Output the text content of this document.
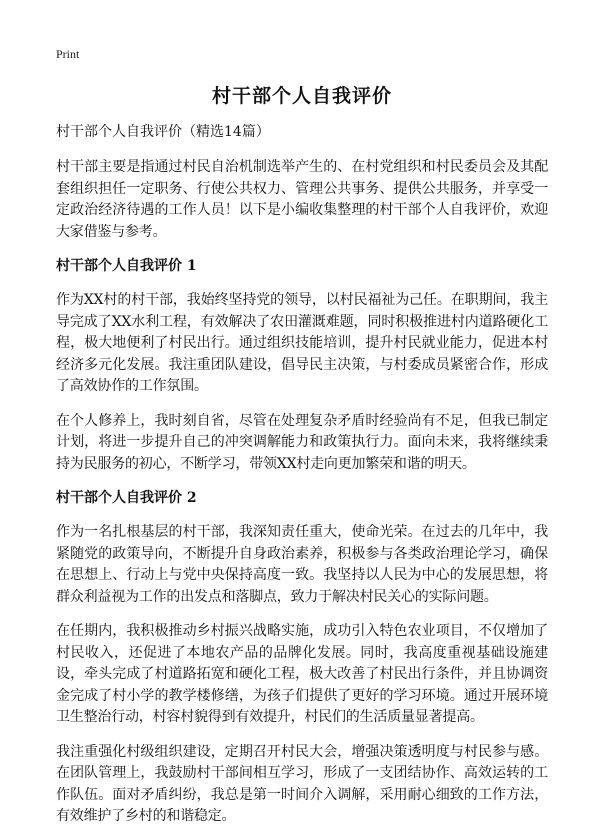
Print
村干部个人自我评价
村干部个人自我评价（精选14篇）

村干部主要是指通过村民自治机制选举产生的、在村党组织和村民委员会及其配套组织担任一定职务、行使公共权力、管理公共事务、提供公共服务，并享受一定政治经济待遇的工作人员！以下是小编收集整理的村干部个人自我评价，欢迎大家借鉴与参考。

村干部个人自我评价 1

作为XX村的村干部，我始终坚持党的领导，以村民福祉为己任。在职期间，我主导完成了XX水利工程，有效解决了农田灌溉难题，同时积极推进村内道路硬化工程，极大地便利了村民出行。通过组织技能培训，提升村民就业能力，促进本村经济多元化发展。我注重团队建设，倡导民主决策，与村委成员紧密合作，形成了高效协作的工作氛围。

在个人修养上，我时刻自省，尽管在处理复杂矛盾时经验尚有不足，但我已制定计划，将进一步提升自己的冲突调解能力和政策执行力。面向未来，我将继续秉持为民服务的初心，不断学习，带领XX村走向更加繁荣和谐的明天。

村干部个人自我评价 2

作为一名扎根基层的村干部，我深知责任重大，使命光荣。在过去的几年中，我紧随党的政策导向，不断提升自身政治素养，积极参与各类政治理论学习，确保在思想上、行动上与党中央保持高度一致。我坚持以人民为中心的发展思想，将群众利益视为工作的出发点和落脚点，致力于解决村民关心的实际问题。

在任期内，我积极推动乡村振兴战略实施，成功引入特色农业项目，不仅增加了村民收入，还促进了本地农产品的品牌化发展。同时，我高度重视基础设施建设，牵头完成了村道路拓宽和硬化工程，极大改善了村民出行条件，并且协调资金完成了村小学的教学楼修缮，为孩子们提供了更好的学习环境。通过开展环境卫生整治行动，村容村貌得到有效提升，村民们的生活质量显著提高。

我注重强化村级组织建设，定期召开村民大会，增强决策透明度与村民参与感。在团队管理上，我鼓励村干部间相互学习，形成了一支团结协作、高效运转的工作队伍。面对矛盾纠纷，我总是第一时间介入调解，采用耐心细致的工作方法，有效维护了乡村的和谐稳定。
